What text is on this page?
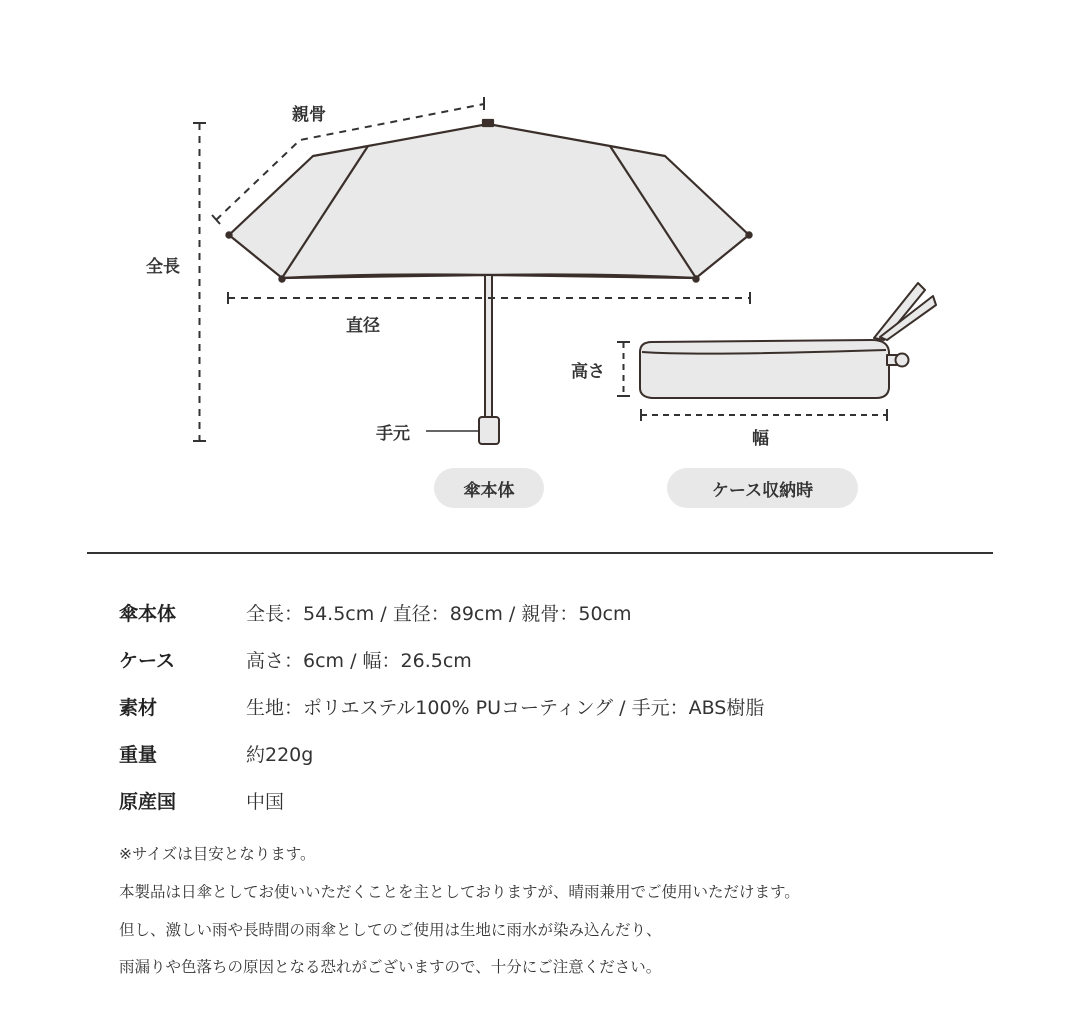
親骨
全長
直径
手元
高さ
幅
傘本体	ケース収納時
傘本体	全長：54.5cm / 直径：89cm / 親骨：50cm
ケース	高さ：6cm / 幅：26.5cm
素材	生地：ポリエステル100% PUコーティング / 手元：ABS樹脂
重量	約220g
原産国	中国
※サイズは目安となります。
本製品は日傘としてお使いいただくことを主としておりますが、晴雨兼用でご使用いただけます。
但し、激しい雨や長時間の雨傘としてのご使用は生地に雨水が染み込んだり、
雨漏りや色落ちの原因となる恐れがございますので、十分にご注意ください。
